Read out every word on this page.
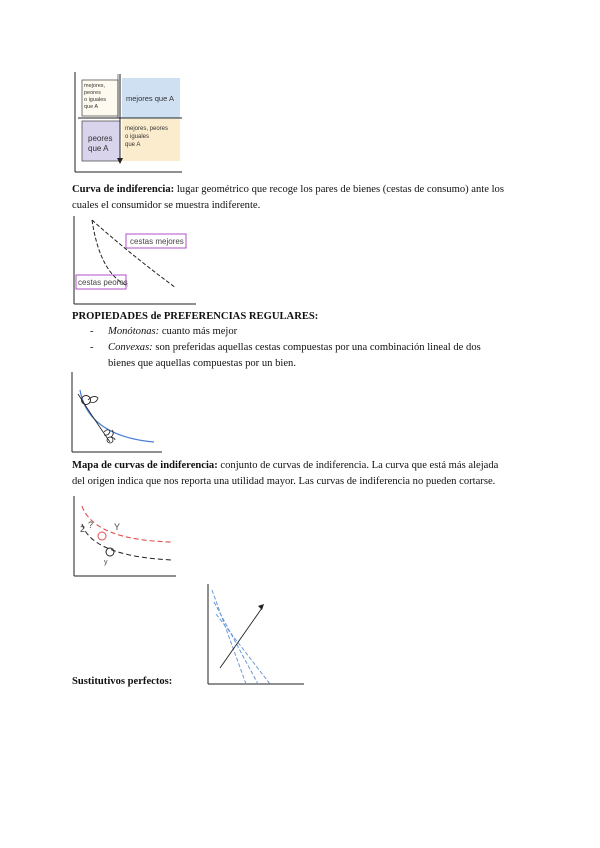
mejores,
peores
o iguales
que A
mejores que A
peores
que A
mejores, peores
o iguales
que A
Curva de indiferencia: lugar geométrico que recoge los pares de bienes (cestas de consumo) ante los
cuales el consumidor se muestra indiferente.
cestas mejores
cestas peores
PROPIEDADES de PREFERENCIAS REGULARES:
- Monótonas: cuanto más mejor
- Convexas: son preferidas aquellas cestas compuestas por una combinación lineal de dos
bienes que aquellas compuestas por un bien.
Mapa de curvas de indiferencia: conjunto de curvas de indiferencia. La curva que está más alejada
del origen indica que nos reporta una utilidad mayor. Las curvas de indiferencia no pueden cortarse.
2 ? Y
y
Sustitutivos perfectos:
